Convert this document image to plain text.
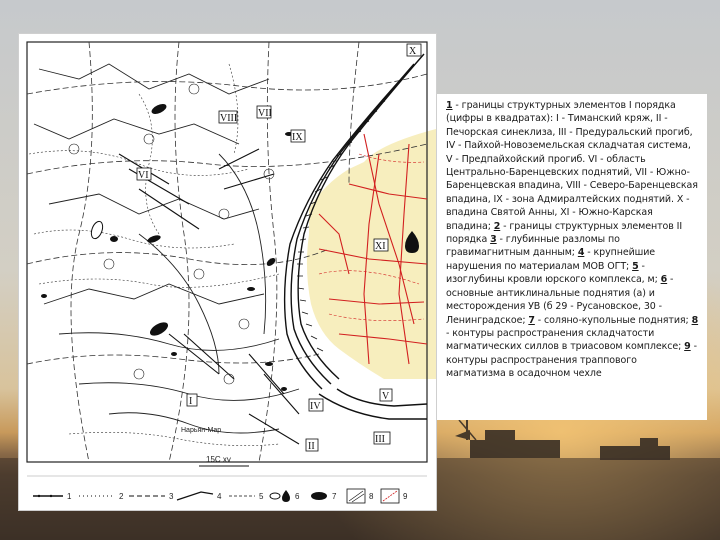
X
VIII
IX
VI
XI
V
IV
III
II
I
VII
Нарьян-Мар
15С хv
1	2	3	4	5	6	7	8	9

1 - границы структурных элементов I порядка (цифры в квадратах): I - Тиманский кряж, II - Печорская синеклиза, III - Предуральский прогиб, IV - Пайхой-Новоземельская складчатая система, V - Предпайхойский прогиб. VI - область Центрально-Баренцевских поднятий, VII - Южно-Баренцевская впадина, VIII - Северо-Баренцевская впадина, IX - зона Адмиралтейских поднятий. X - впадина Святой Анны, XI - Южно-Карская впадина; 2 - границы структурных элементов II порядка 3 - глубинные разломы по гравимагнитным данным; 4 - крупнейшие нарушения по материалам МОВ ОГТ; 5 - изоглубины кровли юрского комплекса, м; 6 - основные антиклинальные поднятия (а) и месторождения УВ (б 29 - Русановское, 30 - Ленинградское; 7 - солянo-купольные поднятия; 8 - контуры распространения складчатости магматических силлов в триасовом комплексе; 9 - контуры распространения траппового магматизма в осадочном чехле
